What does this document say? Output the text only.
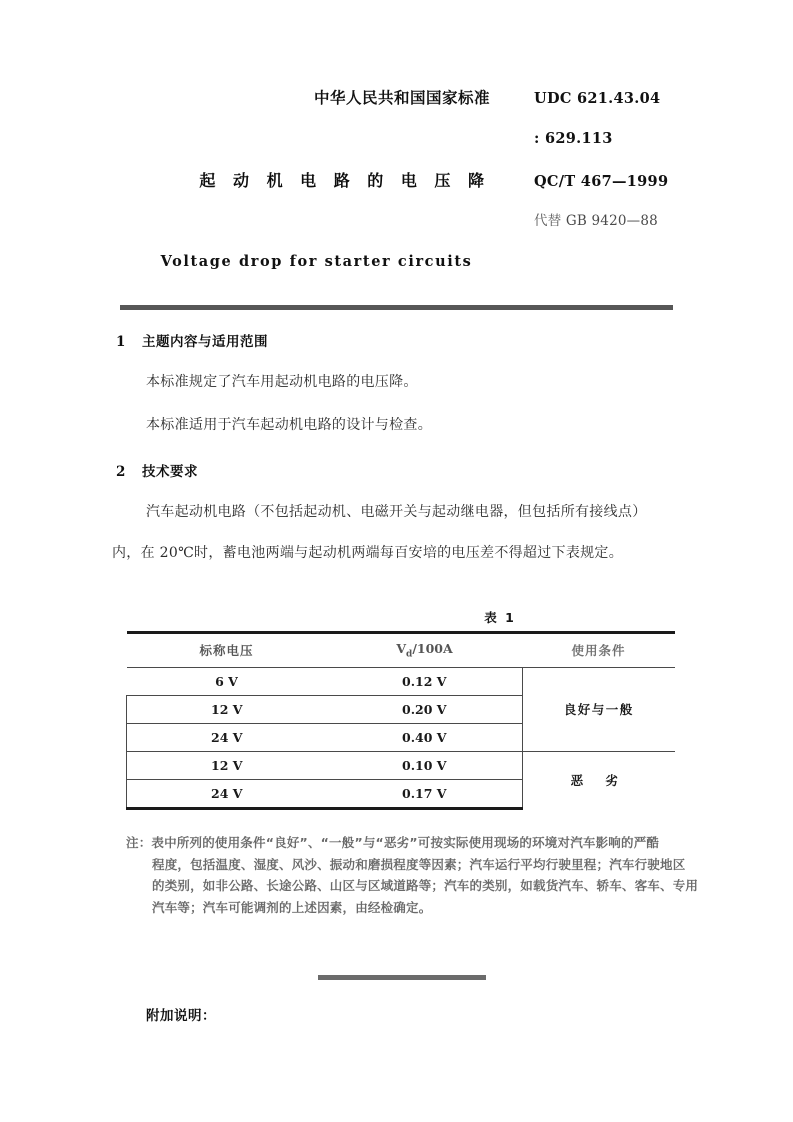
中华人民共和国国家标准	UDC 621.43.04
: 629.113
起 动 机 电 路 的 电 压 降	QC/T 467—1999
代替 GB 9420—88
Voltage drop for starter circuits
1 主题内容与适用范围
本标准规定了汽车用起动机电路的电压降。
本标准适用于汽车起动机电路的设计与检查。
2 技术要求
汽车起动机电路（不包括起动机、电磁开关与起动继电器，但包括所有接线点）
内，在 20℃时，蓄电池两端与起动机两端每百安培的电压差不得超过下表规定。
表 1
标称电压	$V_d/100A$	使用条件
6 V	0.12 V	良好与一般
12 V	0.20 V	
24 V	0.40 V	
12 V	0.10 V	恶 劣
24 V	0.17 V	
注：表中所列的使用条件“良好”、“一般”与“恶劣”可按实际使用现场的环境对汽车影响的严酷
程度，包括温度、湿度、风沙、振动和磨损程度等因素；汽车运行平均行驶里程；汽车行驶地区
的类别，如非公路、长途公路、山区与区域道路等；汽车的类别，如载货汽车、轿车、客车、专用
汽车等；汽车可能调剂的上述因素，由经检确定。
附加说明：
